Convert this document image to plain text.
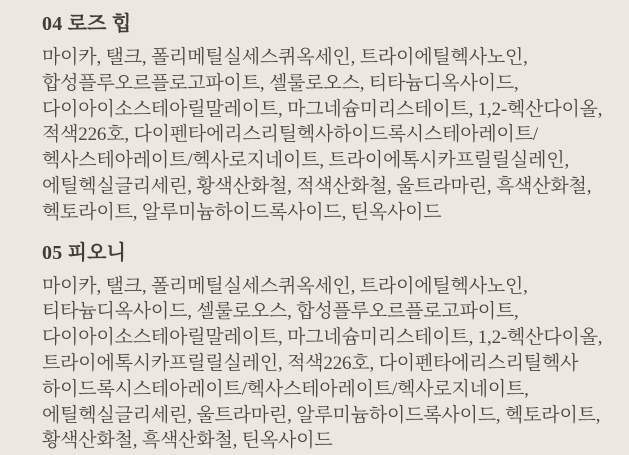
04 로즈 힙
마이카, 탤크, 폴리메틸실세스퀴옥세인, 트라이에틸헥사노인,
합성플루오르플로고파이트, 셀룰로오스, 티타늄디옥사이드,
다이아이소스테아릴말레이트, 마그네슘미리스테이트, 1,2-헥산다이올,
적색226호, 다이펜타에리스리틸헥사하이드록시스테아레이트/
헥사스테아레이트/헥사로지네이트, 트라이에톡시카프릴릴실레인,
에틸헥실글리세린, 황색산화철, 적색산화철, 울트라마린, 흑색산화철,
헥토라이트, 알루미늄하이드록사이드, 틴옥사이드
05 피오니
마이카, 탤크, 폴리메틸실세스퀴옥세인, 트라이에틸헥사노인,
티타늄디옥사이드, 셀룰로오스, 합성플루오르플로고파이트,
다이아이소스테아릴말레이트, 마그네슘미리스테이트, 1,2-헥산다이올,
트라이에톡시카프릴릴실레인, 적색226호, 다이펜타에리스리틸헥사
하이드록시스테아레이트/헥사스테아레이트/헥사로지네이트,
에틸헥실글리세린, 울트라마린, 알루미늄하이드록사이드, 헥토라이트,
황색산화철, 흑색산화철, 틴옥사이드
